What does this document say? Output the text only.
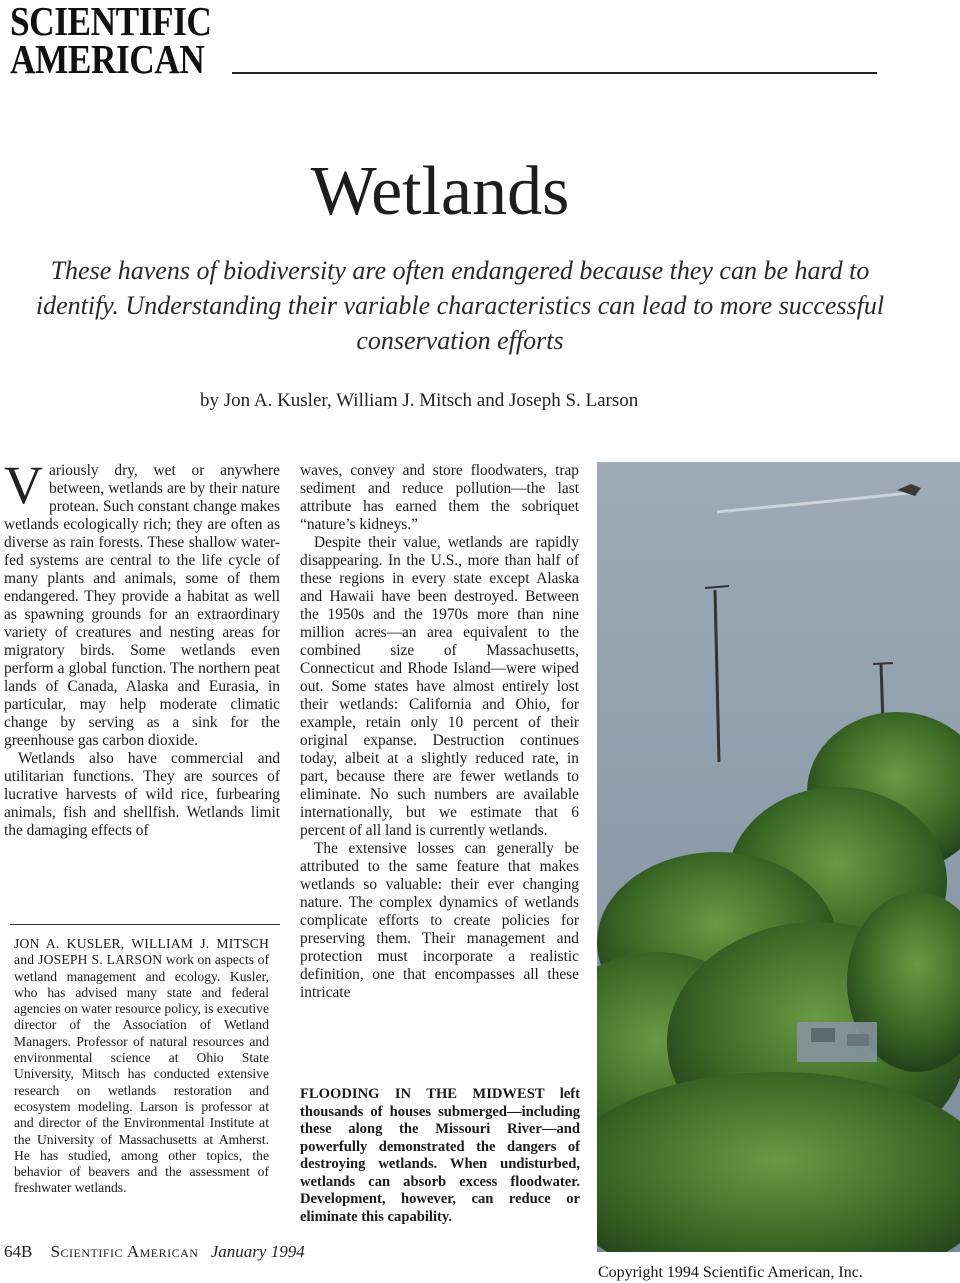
SCIENTIFIC
AMERICAN
Wetlands
These havens of biodiversity are often endangered because they can be hard to identify. Understanding their variable characteristics can lead to more successful conservation efforts
by Jon A. Kusler, William J. Mitsch and Joseph S. Larson

Variously dry, wet or anywhere between, wetlands are by their nature protean. Such constant change makes wetlands ecologically rich; they are often as diverse as rain forests. These shallow water-fed systems are central to the life cycle of many plants and animals, some of them endangered. They provide a habitat as well as spawning grounds for an extraordinary variety of creatures and nesting areas for migratory birds. Some wetlands even perform a global function. The northern peat lands of Canada, Alaska and Eurasia, in particular, may help moderate climatic change by serving as a sink for the greenhouse gas carbon dioxide.

Wetlands also have commercial and utilitarian functions. They are sources of lucrative harvests of wild rice, furbearing animals, fish and shellfish. Wetlands limit the damaging effects of

waves, convey and store floodwaters, trap sediment and reduce pollution—the last attribute has earned them the sobriquet “nature’s kidneys.”

Despite their value, wetlands are rapidly disappearing. In the U.S., more than half of these regions in every state except Alaska and Hawaii have been destroyed. Between the 1950s and the 1970s more than nine million acres—an area equivalent to the combined size of Massachusetts, Connecticut and Rhode Island—were wiped out. Some states have almost entirely lost their wetlands: California and Ohio, for example, retain only 10 percent of their original expanse. Destruction continues today, albeit at a slightly reduced rate, in part, because there are fewer wetlands to eliminate. No such numbers are available internationally, but we estimate that 6 percent of all land is currently wetlands.

The extensive losses can generally be attributed to the same feature that makes wetlands so valuable: their ever changing nature. The complex dynamics of wetlands complicate efforts to create policies for preserving them. Their management and protection must incorporate a realistic definition, one that encompasses all these intricate

JON A. KUSLER, WILLIAM J. MITSCH and JOSEPH S. LARSON work on aspects of wetland management and ecology. Kusler, who has advised many state and federal agencies on water resource policy, is executive director of the Association of Wetland Managers. Professor of natural resources and environmental science at Ohio State University, Mitsch has conducted extensive research on wetlands restoration and ecosystem modeling. Larson is professor at and director of the Environmental Institute at the University of Massachusetts at Amherst. He has studied, among other topics, the behavior of beavers and the assessment of freshwater wetlands.
FLOODING IN THE MIDWEST left thousands of houses submerged—including these along the Missouri River—and powerfully demonstrated the dangers of destroying wetlands. When undisturbed, wetlands can absorb excess floodwater. Development, however, can reduce or eliminate this capability.
64B Scientific American January 1994
Copyright 1994 Scientific American, Inc.
